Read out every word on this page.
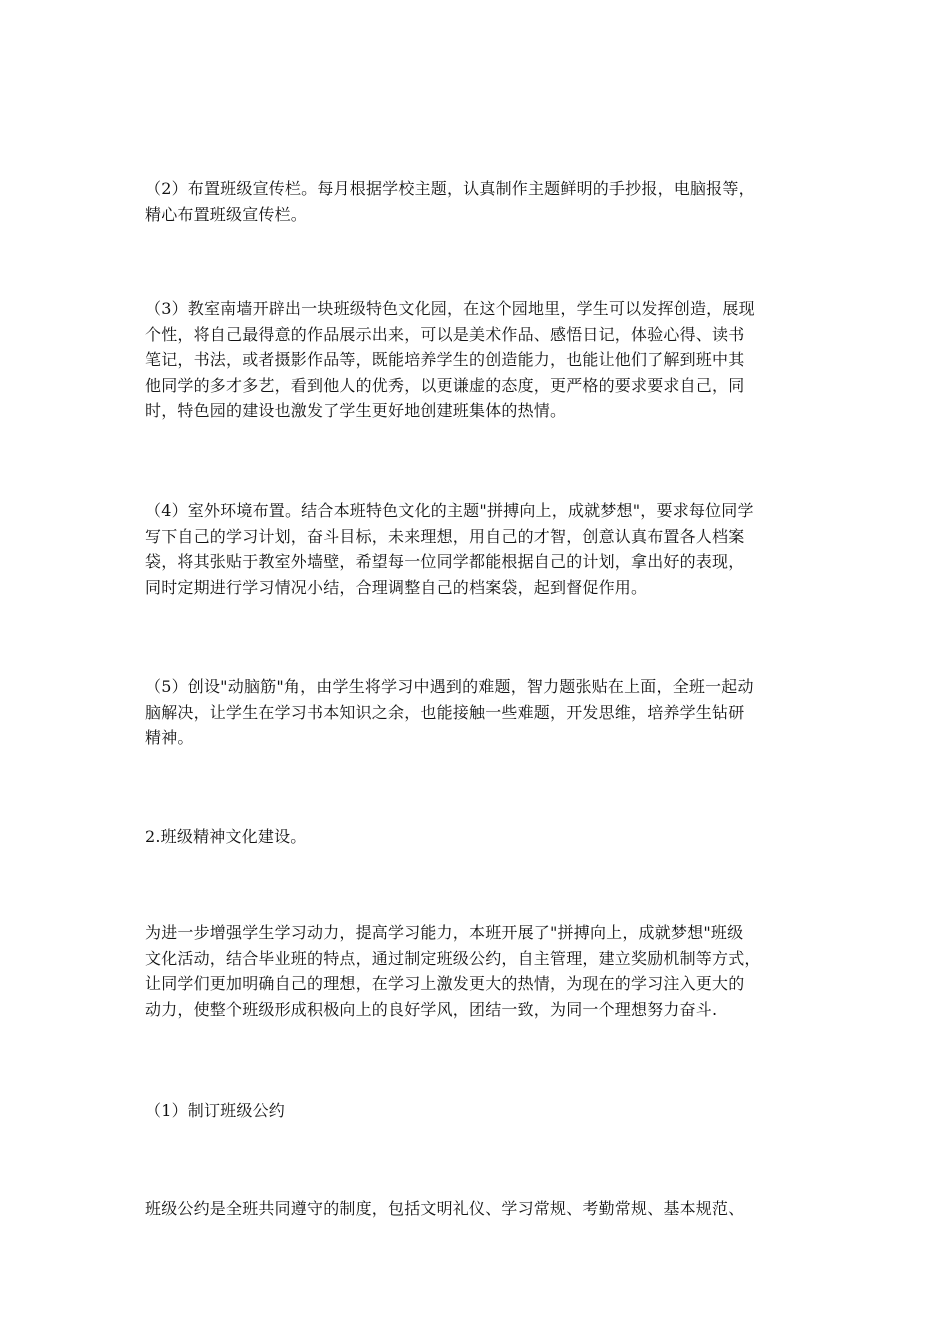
（2）布置班级宣传栏。每月根据学校主题，认真制作主题鲜明的手抄报，电脑报等，
精心布置班级宣传栏。
（3）教室南墙开辟出一块班级特色文化园，在这个园地里，学生可以发挥创造，展现
个性，将自己最得意的作品展示出来，可以是美术作品、感悟日记，体验心得、读书
笔记，书法，或者摄影作品等，既能培养学生的创造能力，也能让他们了解到班中其
他同学的多才多艺，看到他人的优秀，以更谦虚的态度，更严格的要求要求自己，同
时，特色园的建设也激发了学生更好地创建班集体的热情。
（4）室外环境布置。结合本班特色文化的主题"拼搏向上，成就梦想"，要求每位同学
写下自己的学习计划，奋斗目标，未来理想，用自己的才智，创意认真布置各人档案
袋，将其张贴于教室外墙壁，希望每一位同学都能根据自己的计划，拿出好的表现，
同时定期进行学习情况小结，合理调整自己的档案袋，起到督促作用。
（5）创设"动脑筋"角，由学生将学习中遇到的难题，智力题张贴在上面，全班一起动
脑解决，让学生在学习书本知识之余，也能接触一些难题，开发思维，培养学生钻研
精神。
2.班级精神文化建设。
为进一步增强学生学习动力，提高学习能力，本班开展了"拼搏向上，成就梦想"班级
文化活动，结合毕业班的特点，通过制定班级公约，自主管理，建立奖励机制等方式，
让同学们更加明确自己的理想，在学习上激发更大的热情，为现在的学习注入更大的
动力，使整个班级形成积极向上的良好学风，团结一致，为同一个理想努力奋斗.
（1）制订班级公约
班级公约是全班共同遵守的制度，包括文明礼仪、学习常规、考勤常规、基本规范、
